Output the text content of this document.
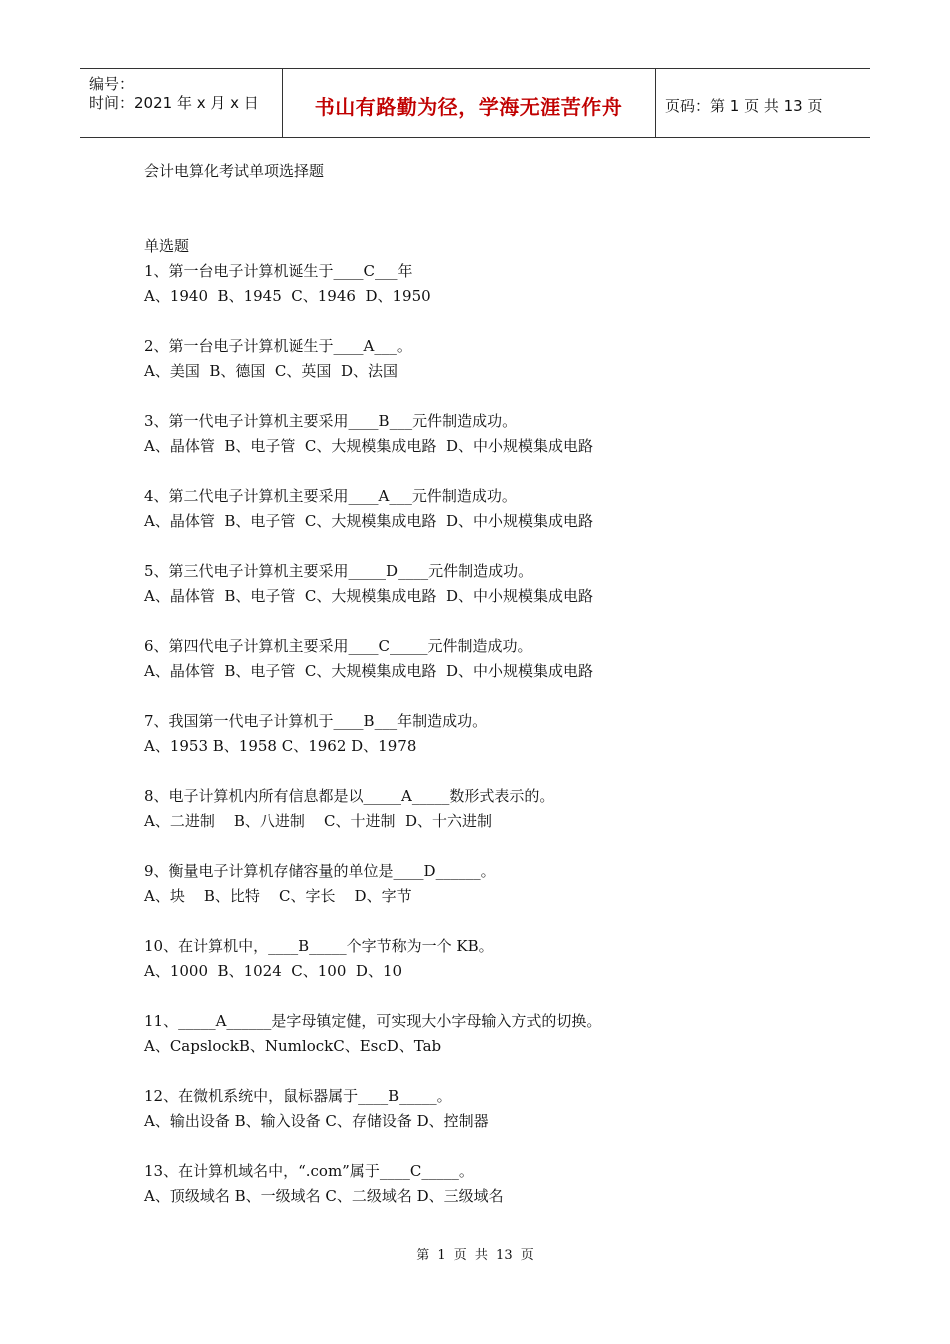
编号：
时间：2021 年 x 月 x 日	书山有路勤为径，学海无涯苦作舟	页码：第 1 页 共 13 页
会计电算化考试单项选择题
单选题
1、第一台电子计算机诞生于____C___年
A、1940  B、1945  C、1946  D、1950
2、第一台电子计算机诞生于____A___。
A、美国  B、德国  C、英国  D、法国
3、第一代电子计算机主要采用____B___元件制造成功。
A、晶体管  B、电子管  C、大规模集成电路  D、中小规模集成电路
4、第二代电子计算机主要采用____A___元件制造成功。
A、晶体管  B、电子管  C、大规模集成电路  D、中小规模集成电路
5、第三代电子计算机主要采用_____D____元件制造成功。
A、晶体管  B、电子管  C、大规模集成电路  D、中小规模集成电路
6、第四代电子计算机主要采用____C_____元件制造成功。
A、晶体管  B、电子管  C、大规模集成电路  D、中小规模集成电路
7、我国第一代电子计算机于____B___年制造成功。
A、1953 B、1958 C、1962 D、1978
8、电子计算机内所有信息都是以_____A_____数形式表示的。
A、二进制    B、八进制    C、十进制  D、十六进制
9、衡量电子计算机存储容量的单位是____D______。
A、块    B、比特    C、字长    D、字节
10、在计算机中，____B_____个字节称为一个 KB。
A、1000  B、1024  C、100  D、10
11、_____A______是字母镇定健，可实现大小字母输入方式的切换。
A、CapslockB、NumlockC、EscD、Tab
12、在微机系统中，鼠标器属于____B_____。
A、输出设备 B、输入设备 C、存储设备 D、控制器
13、在计算机域名中，“.com”属于____C_____。
A、顶级域名 B、一级域名 C、二级域名 D、三级域名
第 1 页 共 13 页
